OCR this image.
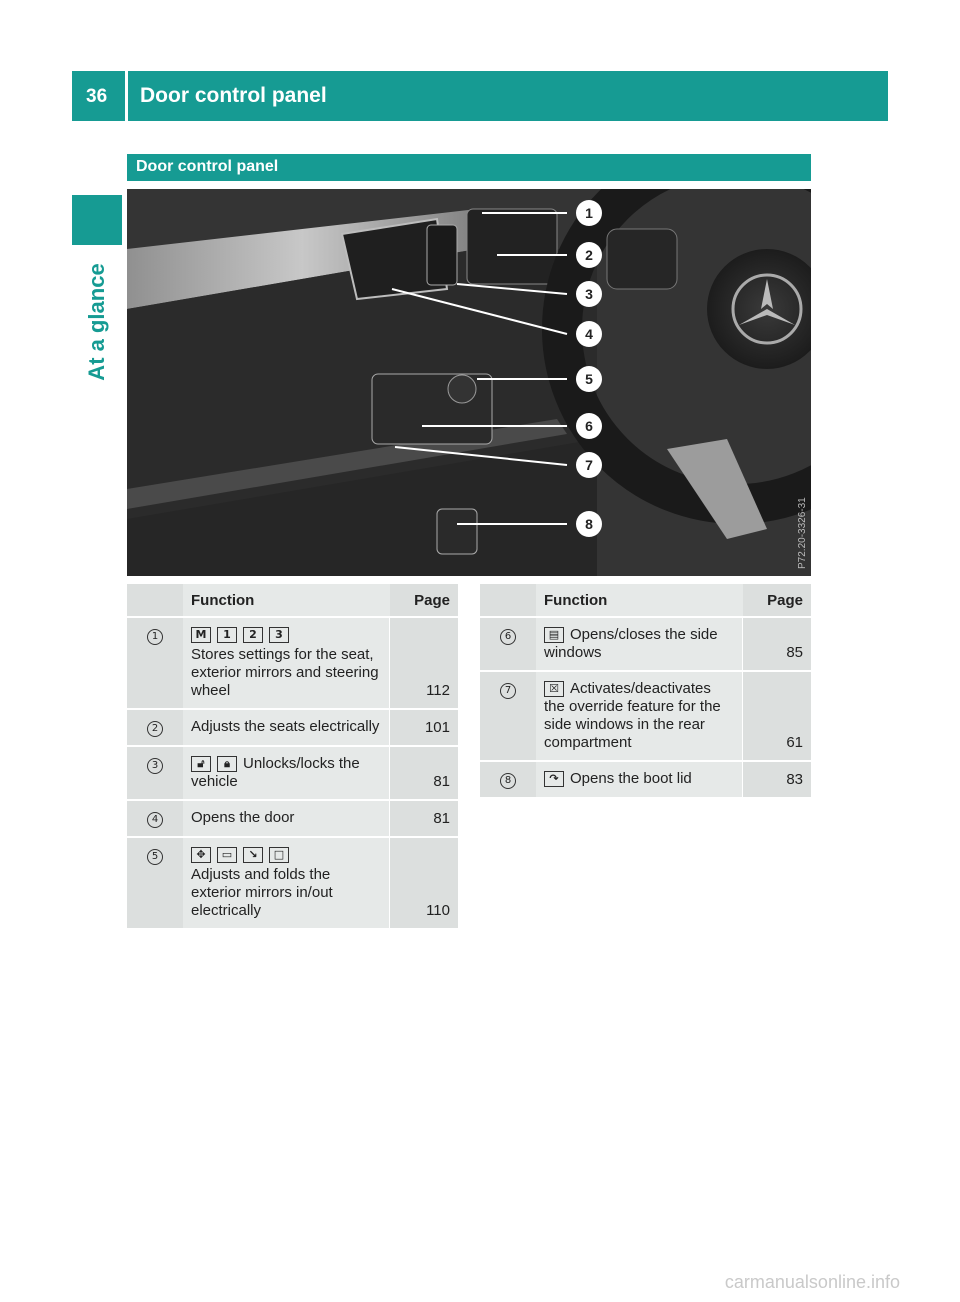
36 Door control panel
At a glance
Door control panel
1
2
3
4
5
6
7
8	P72.20-3326-31
	Function	Page
1	M 1 2 3
Stores settings for the seat, exterior mirrors and steering wheel	112
2	Adjusts the seats electrically	101
3	🔓︎ 🔒︎ Unlocks/locks the vehicle	81
4	Opens the door	81
5	✥ ▭ ↘ □
Adjusts and folds the exterior mirrors in/out electrically	110
	Function	Page
6	▤ Opens/closes the side windows	85
7	☒ Activates/deactivates the override feature for the side windows in the rear compartment	61
8	↷ Opens the boot lid	83
carmanualsonline.info
